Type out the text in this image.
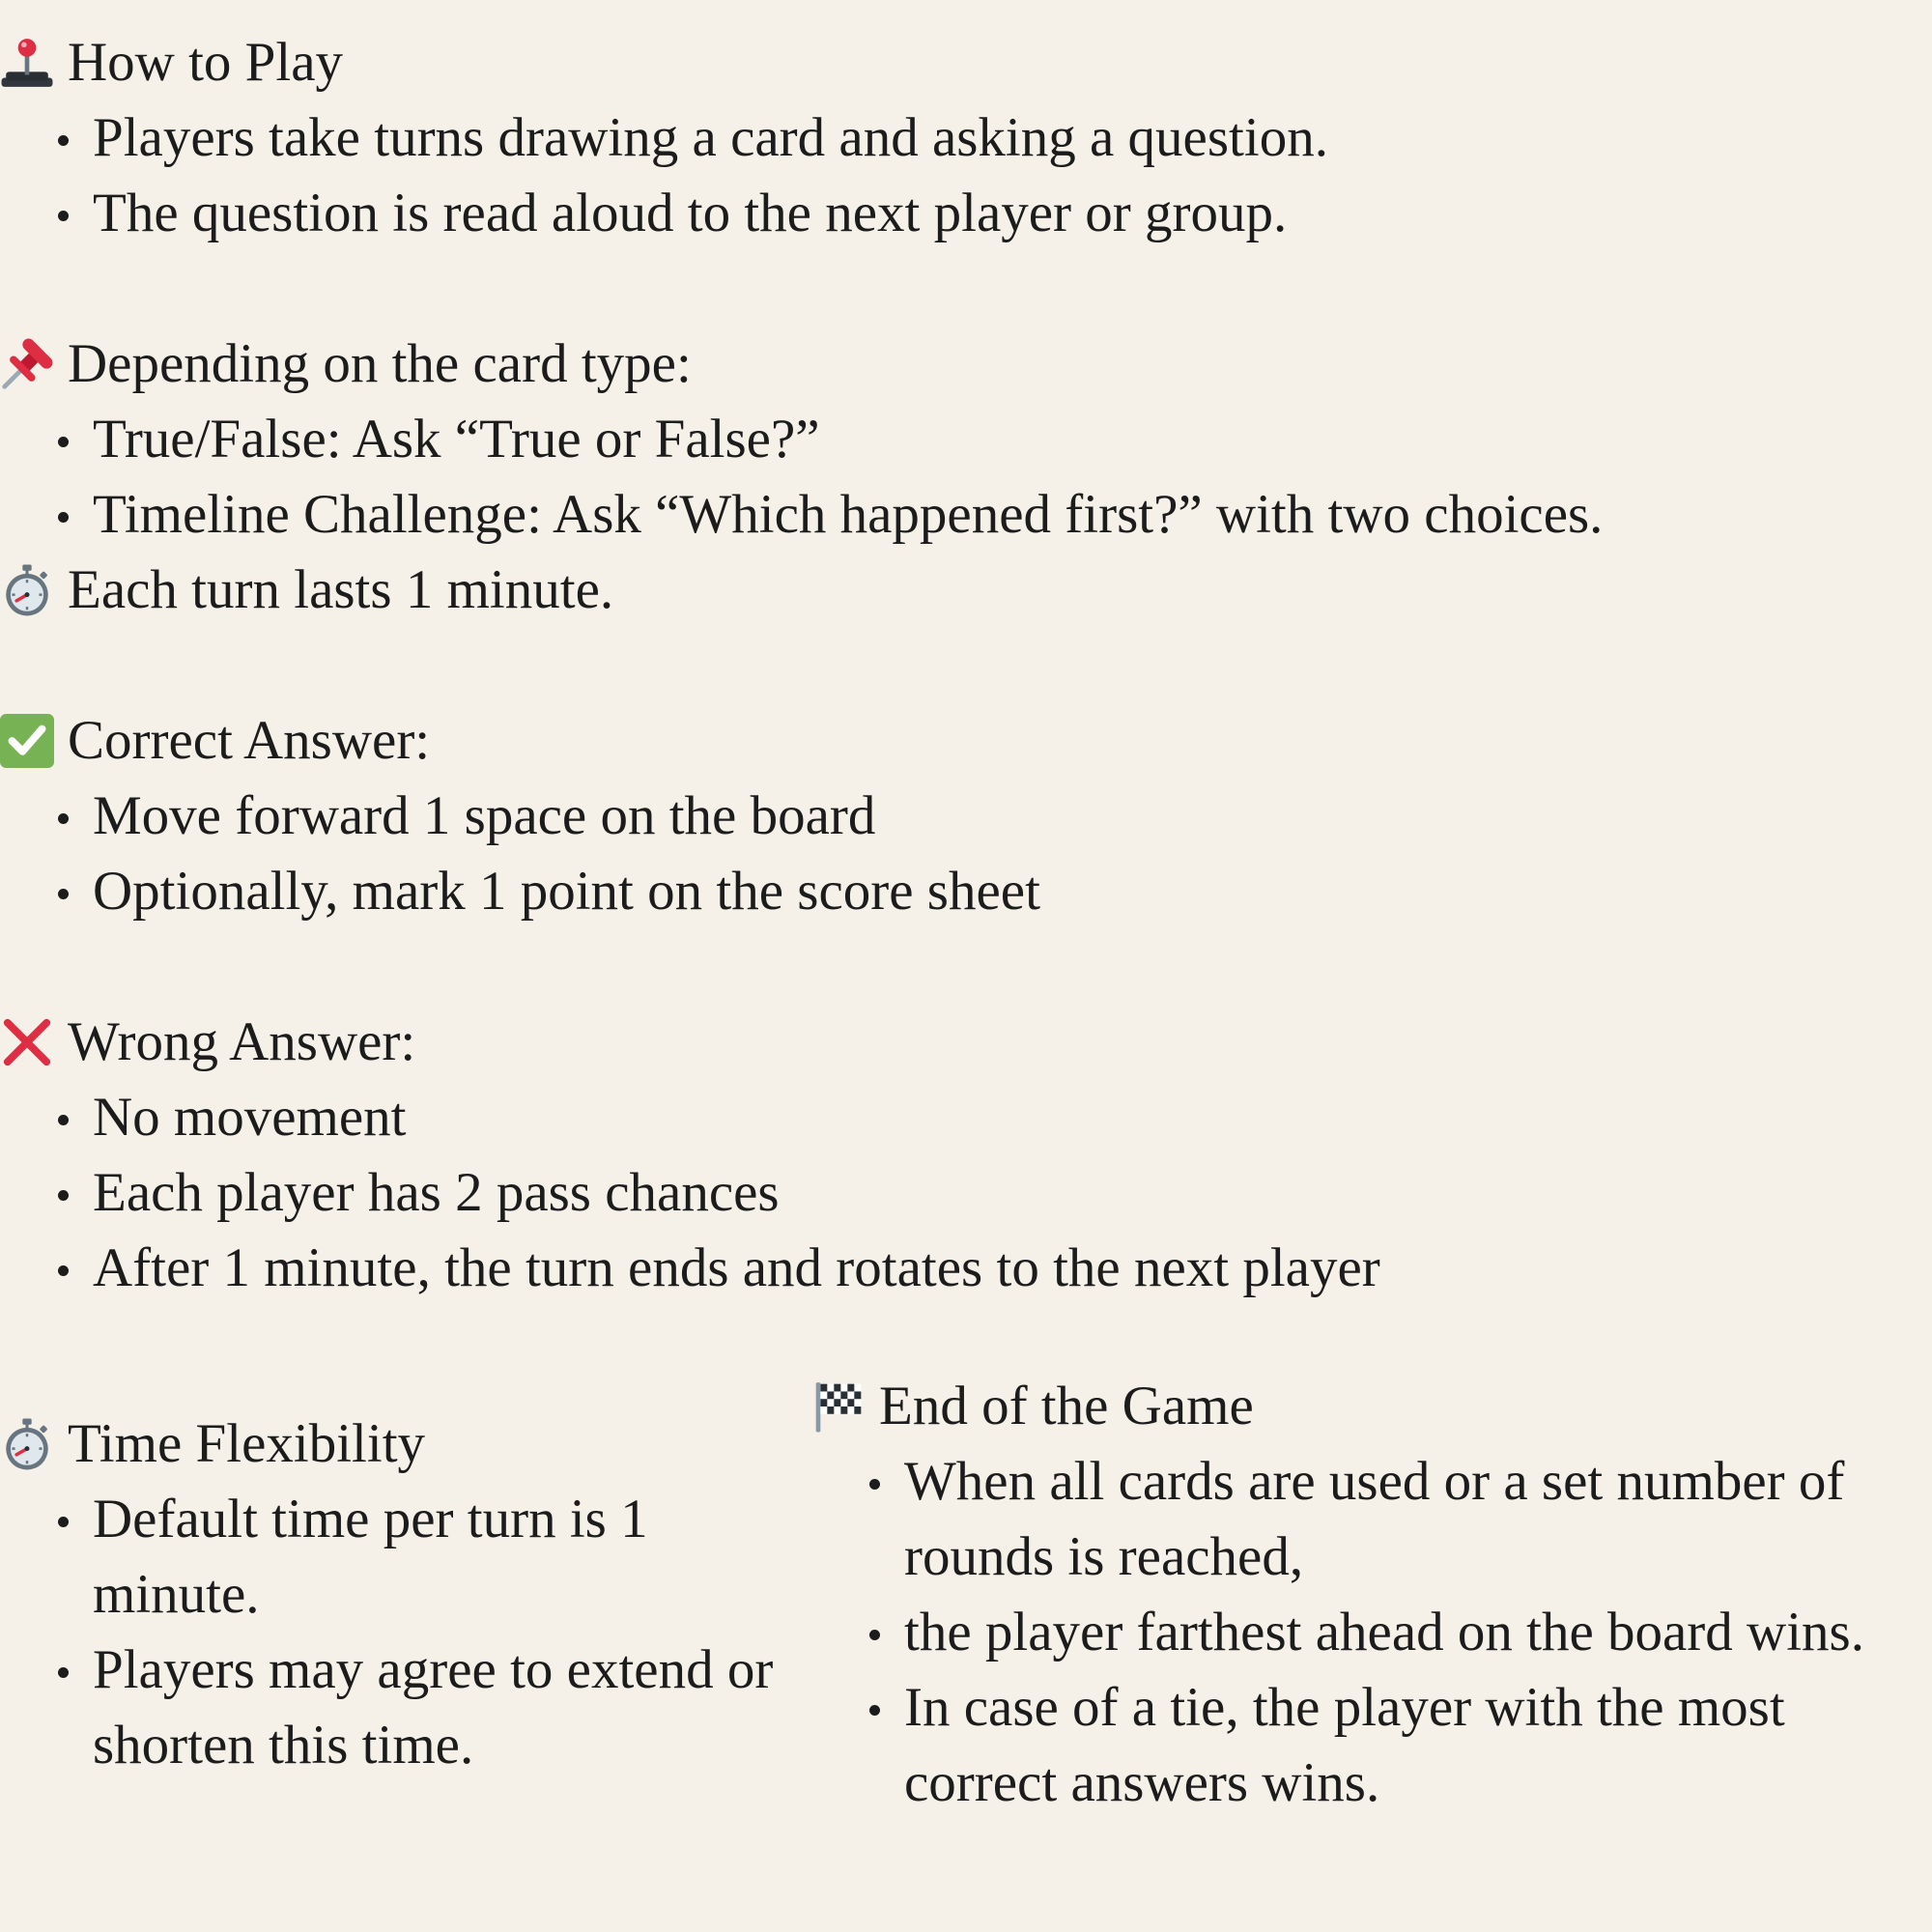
How to Play
Players take turns drawing a card and asking a question.
The question is read aloud to the next player or group.
Depending on the card type:
True/False: Ask “True or False?”
Timeline Challenge: Ask “Which happened first?” with two choices.
Each turn lasts 1 minute.
Correct Answer:
Move forward 1 space on the board
Optionally, mark 1 point on the score sheet
Wrong Answer:
No movement
Each player has 2 pass chances
After 1 minute, the turn ends and rotates to the next player
Time Flexibility
Default time per turn is 1 minute.
Players may agree to extend or shorten this time.
End of the Game
When all cards are used or a set number of rounds is reached,
the player farthest ahead on the board wins.
In case of a tie, the player with the most correct answers wins.
